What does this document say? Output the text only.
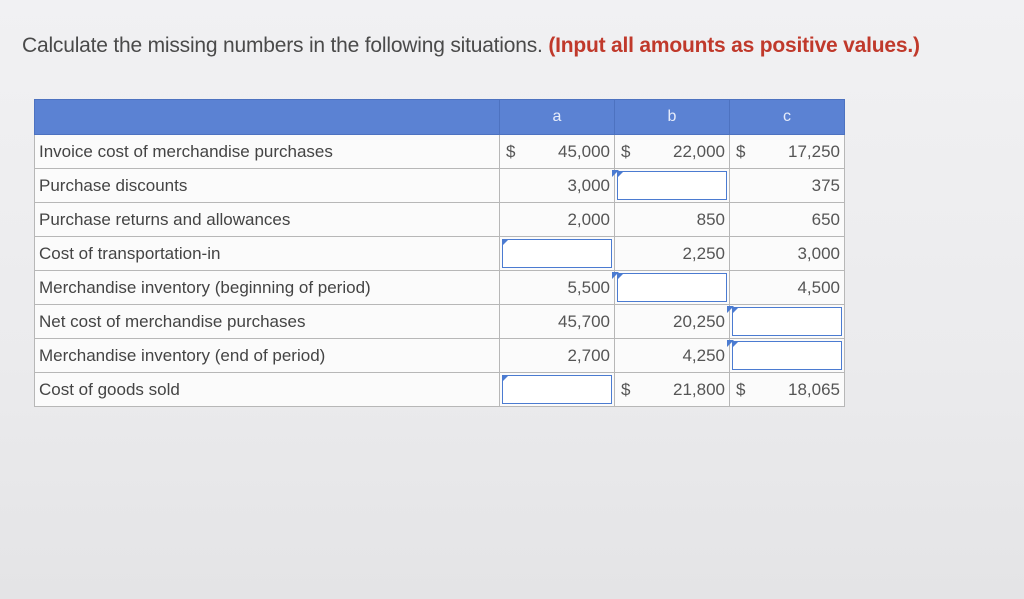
Calculate the missing numbers in the following situations. (Input all amounts as positive values.)
	a	b	c
Invoice cost of merchandise purchases	$ 45,000	$ 22,000	$ 17,250

Purchase discounts	3,000		375

Purchase returns and allowances	2,000	850	650

Cost of transportation-in		2,250	3,000

Merchandise inventory (beginning of period)	5,500		4,500

Net cost of merchandise purchases	45,700	20,250	

Merchandise inventory (end of period)	2,700	4,250	

Cost of goods sold		$ 21,800	$ 18,065
